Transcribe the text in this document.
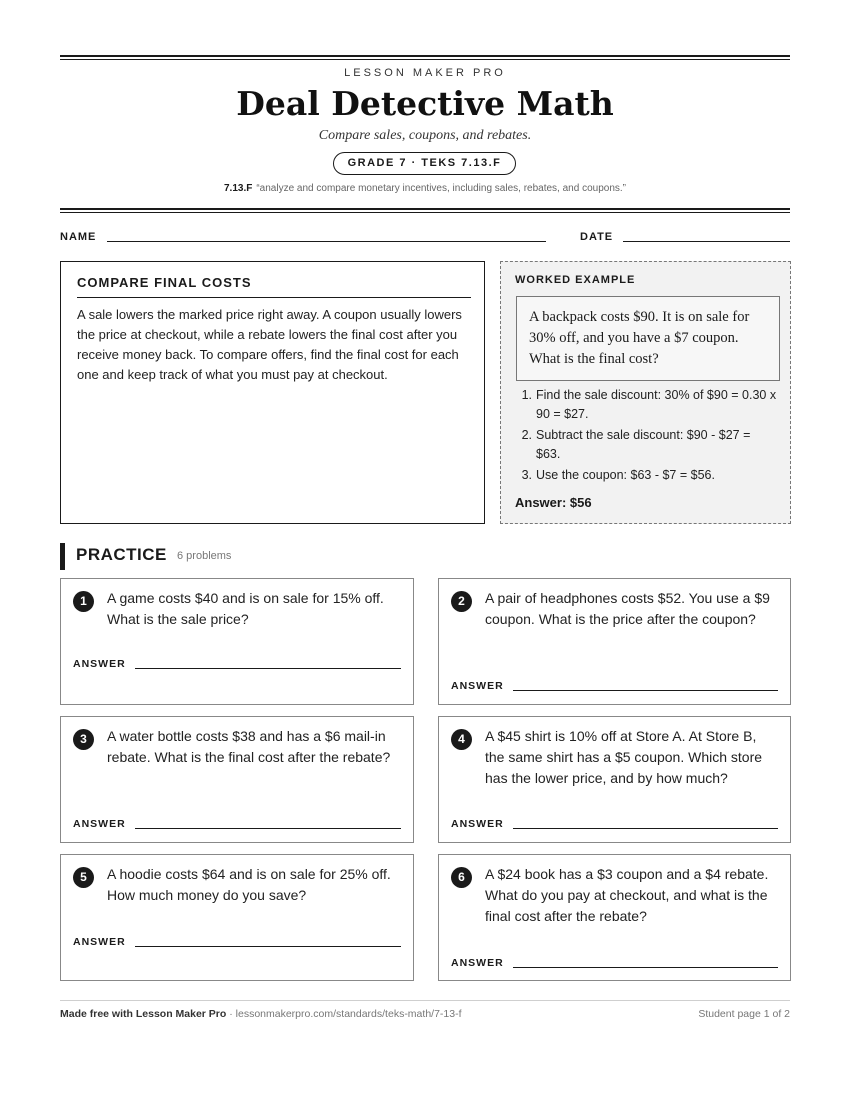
LESSON MAKER PRO
Deal Detective Math
Compare sales, coupons, and rebates.
GRADE 7 · TEKS 7.13.F
7.13.F “analyze and compare monetary incentives, including sales, rebates, and coupons.”
NAME	DATE
COMPARE FINAL COSTS
A sale lowers the marked price right away. A coupon usually lowers the price at checkout, while a rebate lowers the final cost after you receive money back. To compare offers, find the final cost for each one and keep track of what you must pay at checkout.
WORKED EXAMPLE
A backpack costs $90. It is on sale for 30% off, and you have a $7 coupon. What is the final cost?
1. Find the sale discount: 30% of $90 = 0.30 x 90 = $27.
2. Subtract the sale discount: $90 - $27 = $63.
3. Use the coupon: $63 - $7 = $56.
Answer: $56
PRACTICE 6 problems
1	A game costs $40 and is on sale for 15% off. What is the sale price?
ANSWER
2	A pair of headphones costs $52. You use a $9 coupon. What is the price after the coupon?
ANSWER
3	A water bottle costs $38 and has a $6 mail-in rebate. What is the final cost after the rebate?
ANSWER
4	A $45 shirt is 10% off at Store A. At Store B, the same shirt has a $5 coupon. Which store has the lower price, and by how much?
ANSWER
5	A hoodie costs $64 and is on sale for 25% off. How much money do you save?
ANSWER
6	A $24 book has a $3 coupon and a $4 rebate. What do you pay at checkout, and what is the final cost after the rebate?
ANSWER
Made free with Lesson Maker Pro · lessonmakerpro.com/standards/teks-math/7-13-f	Student page 1 of 2
